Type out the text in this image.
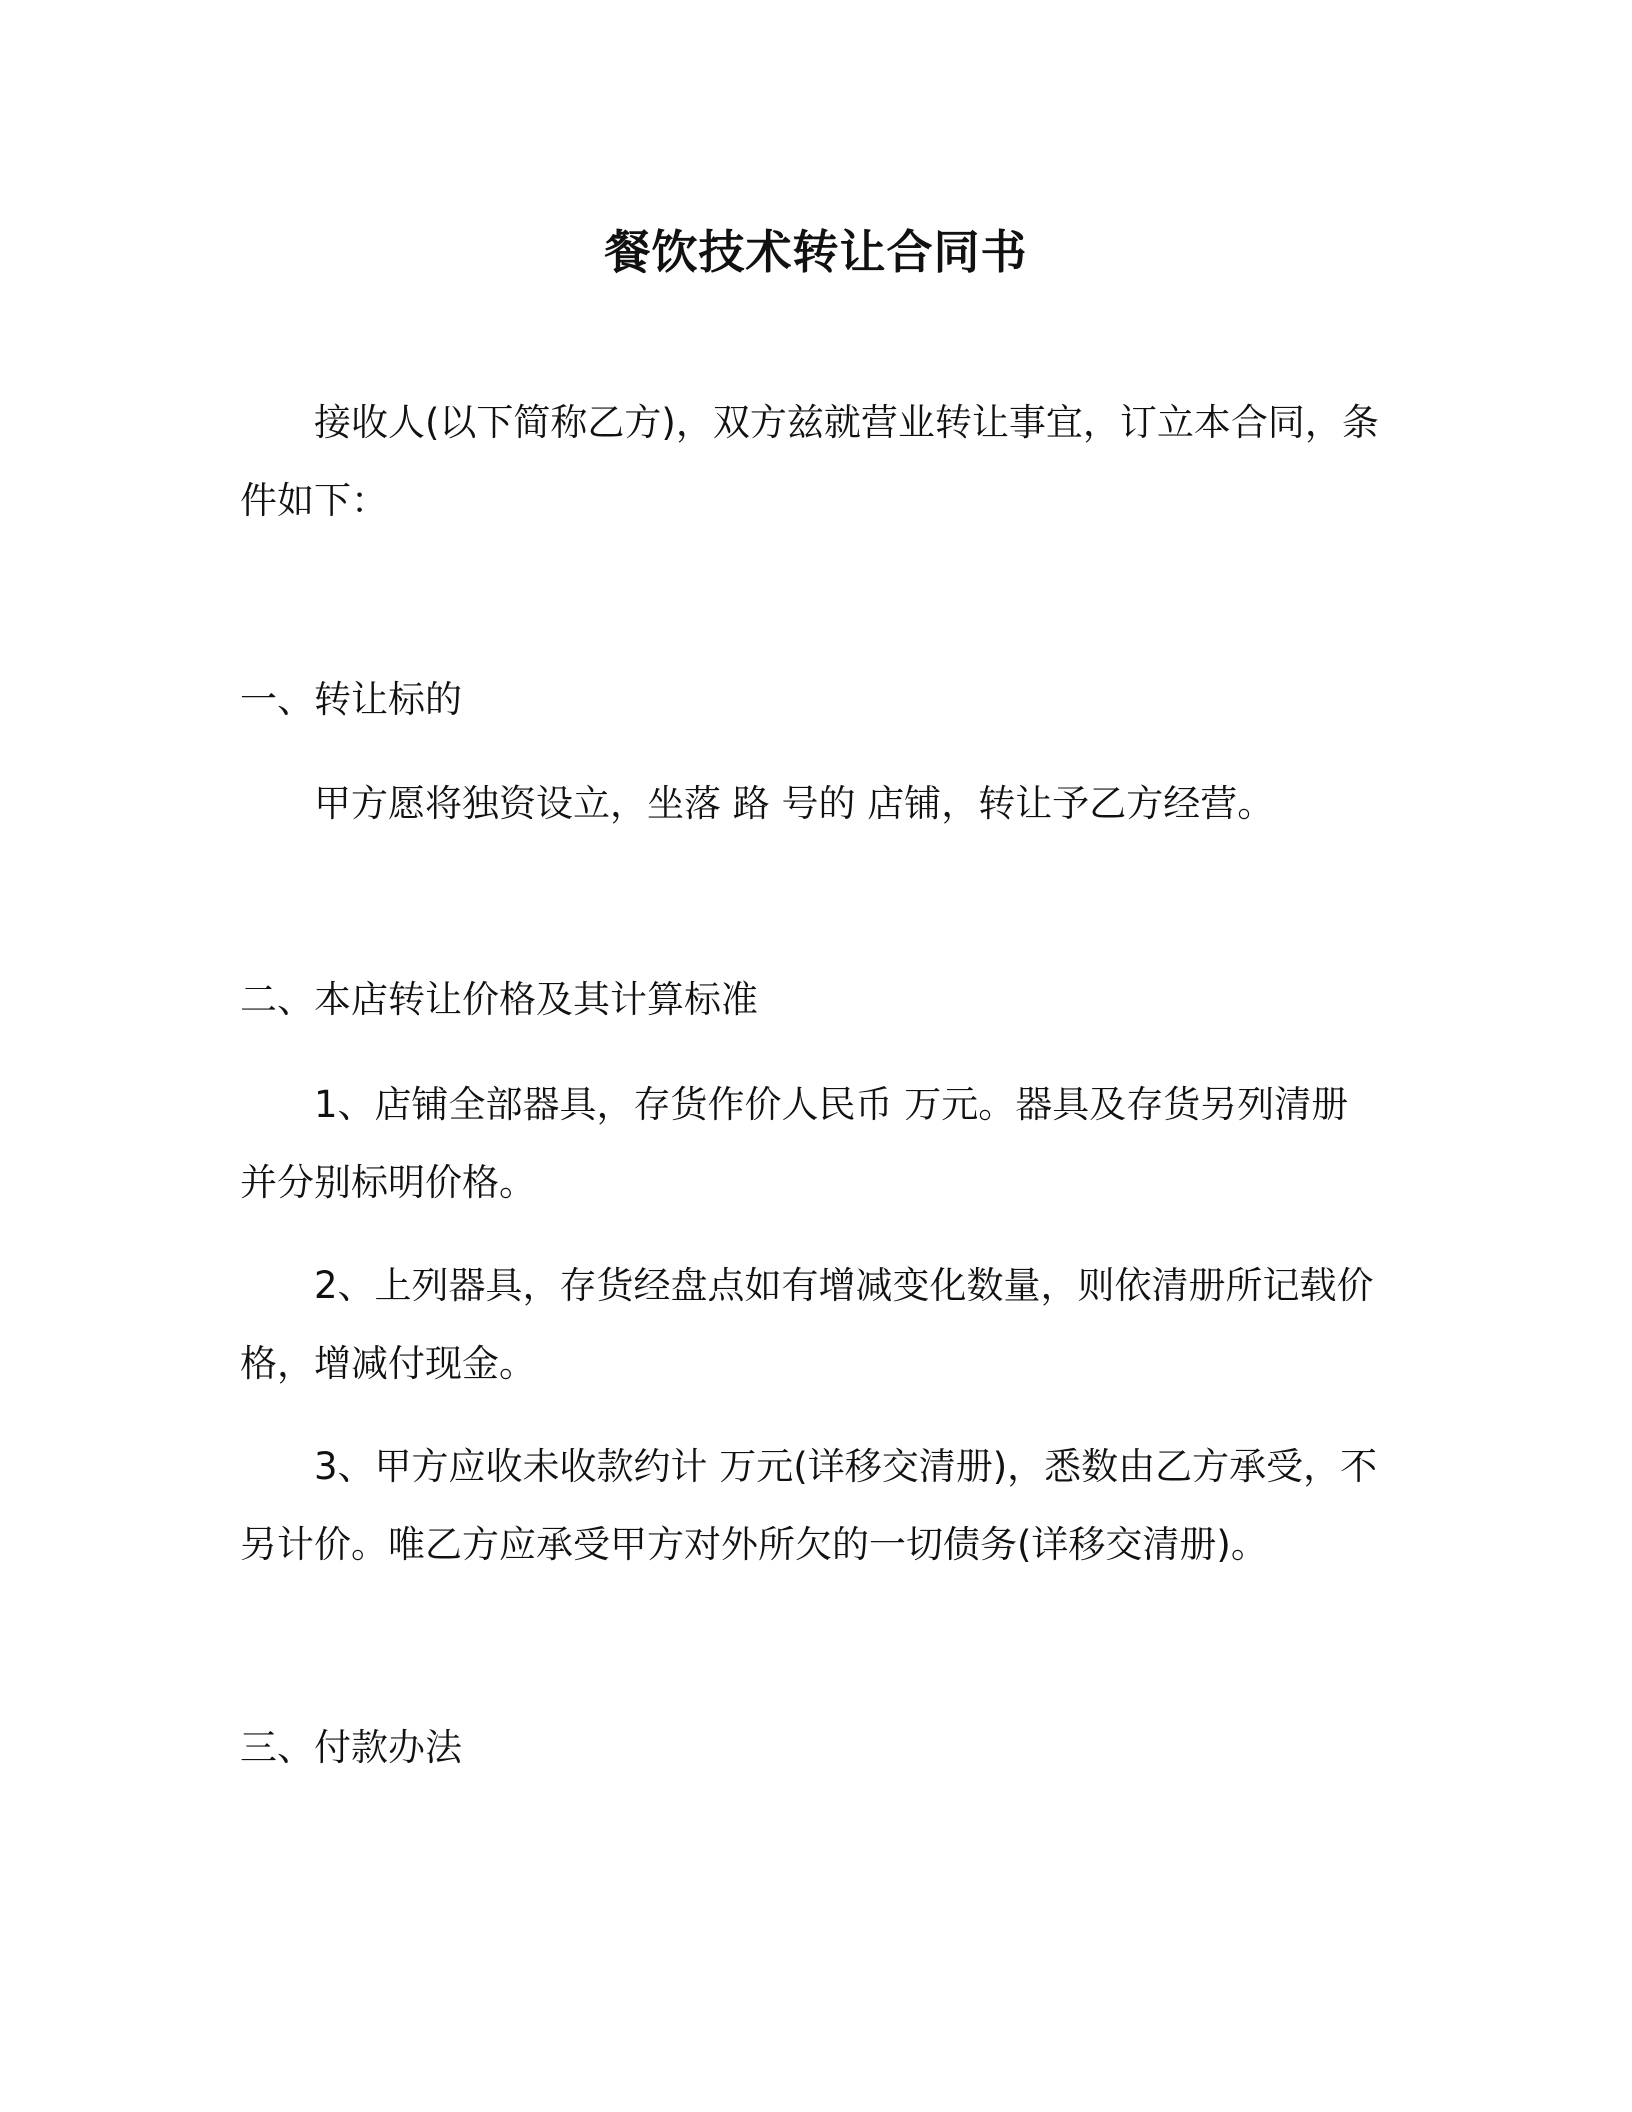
餐饮技术转让合同书

接收人(以下简称乙方)，双方兹就营业转让事宜，订立本合同，条件如下：

一、转让标的

甲方愿将独资设立，坐落 路 号的 店铺，转让予乙方经营。

二、本店转让价格及其计算标准

1、店铺全部器具，存货作价人民币 万元。器具及存货另列清册并分别标明价格。

2、上列器具，存货经盘点如有增减变化数量，则依清册所记载价格，增减付现金。

3、甲方应收未收款约计 万元(详移交清册)，悉数由乙方承受，不另计价。唯乙方应承受甲方对外所欠的一切债务(详移交清册)。

三、付款办法
